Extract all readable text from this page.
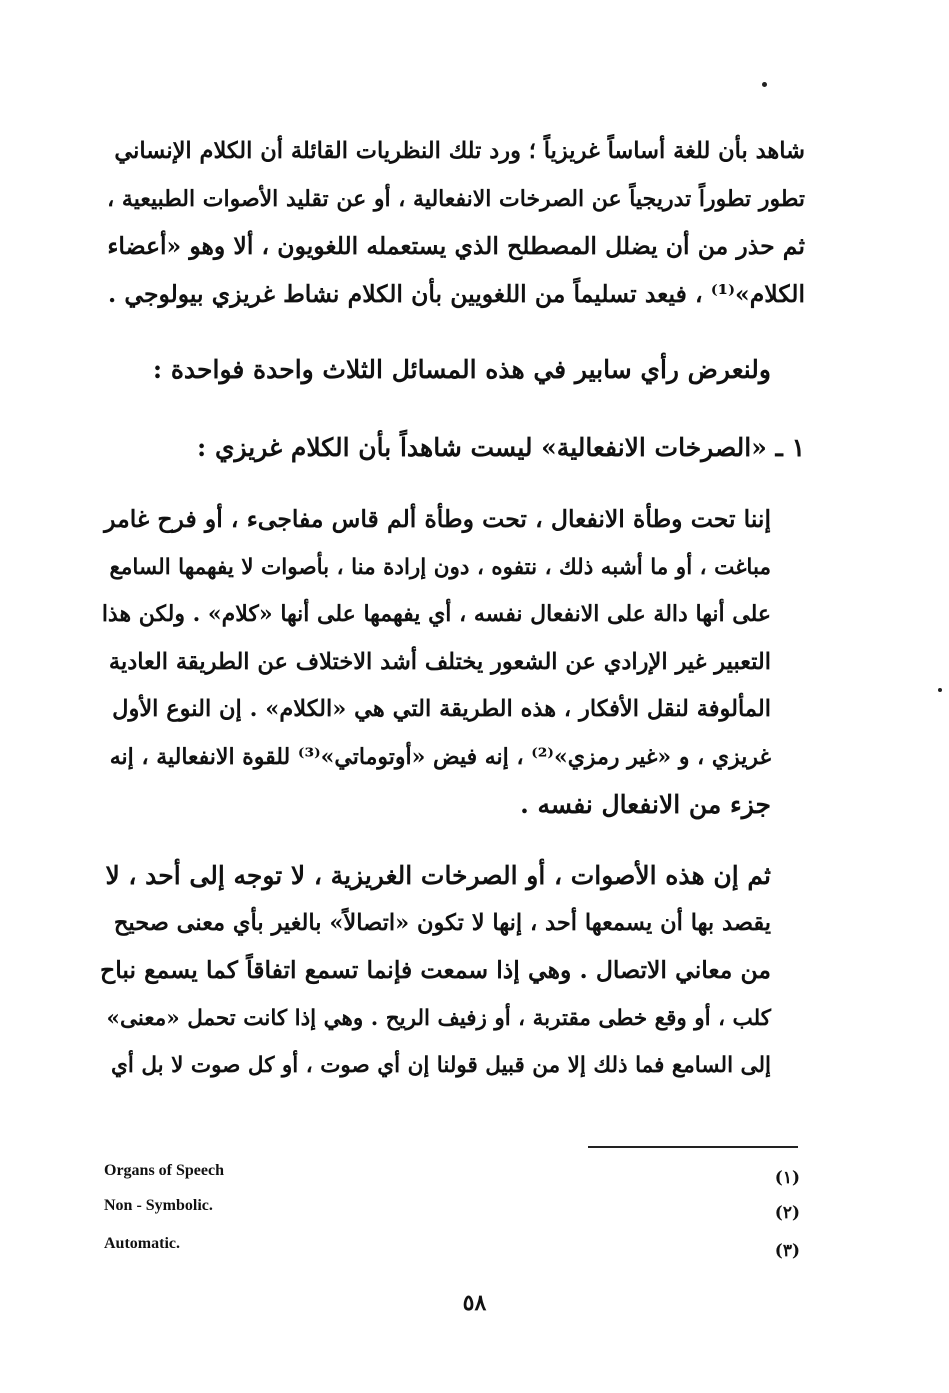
شاهد بأن للغة أساساً غريزياً ؛ ورد تلك النظريات القائلة أن الكلام الإنساني
تطور تطوراً تدريجياً عن الصرخات الانفعالية ، أو عن تقليد الأصوات الطبيعية ،
ثم حذر من أن يضلل المصطلح الذي يستعمله اللغويون ، ألا وهو «أعضاء
الكلام»⁽¹⁾ ، فيعد تسليماً من اللغويين بأن الكلام نشاط غريزي بيولوجي .
ولنعرض رأي سابير في هذه المسائل الثلاث واحدة فواحدة :
١ ـ «الصرخات الانفعالية» ليست شاهداً بأن الكلام غريزي :
إننا تحت وطأة الانفعال ، تحت وطأة ألم قاس مفاجىء ، أو فرح غامر
مباغت ، أو ما أشبه ذلك ، نتفوه ، دون إرادة منا ، بأصوات لا يفهمها السامع
على أنها دالة على الانفعال نفسه ، أي يفهمها على أنها «كلام» . ولكن هذا
التعبير غير الإرادي عن الشعور يختلف أشد الاختلاف عن الطريقة العادية
المألوفة لنقل الأفكار ، هذه الطريقة التي هي «الكلام» . إن النوع الأول
غريزي ، و «غير رمزي»⁽²⁾ ، إنه فيض «أوتوماتي»⁽³⁾ للقوة الانفعالية ، إنه
جزء من الانفعال نفسه .
ثم إن هذه الأصوات ، أو الصرخات الغريزية ، لا توجه إلى أحد ، لا
يقصد بها أن يسمعها أحد ، إنها لا تكون «اتصالاً» بالغير بأي معنى صحيح
من معاني الاتصال . وهي إذا سمعت فإنما تسمع اتفاقاً كما يسمع نباح
كلب ، أو وقع خطى مقتربة ، أو زفيف الريح . وهي إذا كانت تحمل «معنى»
إلى السامع فما ذلك إلا من قبيل قولنا إن أي صوت ، أو كل صوت لا بل أي
Organs of Speech	(١)
Non - Symbolic.	(٢)
Automatic.	(٣)
٥٨
